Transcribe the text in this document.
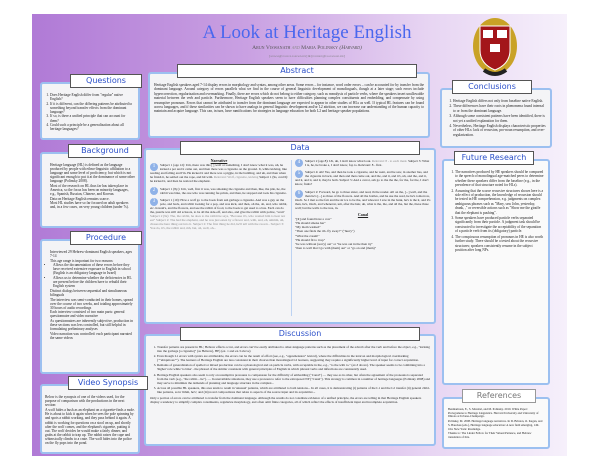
A Look at Heritage English
Arun Viswanath and Maria Polinsky (Harvard)
[aviswan@college.harvard.edu] & [polinsky@fas.harvard.edu]
Abstract

Heritage English speakers aged 7-14 display errors in morphology and syntax, among other areas. Some errors – for instance, word order errors – can be accounted for by transfer from the dominant language. Around category of errors parallels what we find in the course of general linguistic development of monolinguals, though at a later stage; such errors include hypercorrection, regularization and overmarking. Finally, there are errors which do not belong to either category, such as reanalysis of particle verbs, where the speakers insert unallowable material between the verb and particle. Furthermore, Heritage English speakers seem to have difficulties planning complex constituents and embedding, and compensate by using resumptive pronouns. Errors that cannot be attributed to transfer from the dominant language are expected to appear in other studies of HLs as well. If typical HL features can be found across languages, and if these similarities can be shown to have analogs in general linguistic development and/or L2 attrition, we can increase our understanding of the human capacity to maintain and acquire language. This can, in turn, have ramifications for strategies in language education for both L2 and heritage speaker populations.

Questions
1. Does Heritage English differ from "regular" native English?
2. If it is different, can the differing patterns be attributed to something beyond transfer effects from the dominant language?
3. If so, is there a unified principle that can account for them?
4. Could such a principle be a generalization about all heritage languages?
Background
• Heritage language (HL) is defined as the language produced by people with ethno-linguistic affiliation to a language and some level of proficiency, but which is not significant enough to put it at the dominance of some other language (Polinsky 2008).
• Most of the research on HL thus far has taken place in America, so the focus has been on minority languages, e.g., Spanish, Russian, Chinese, and Korean.
• Data on Heritage English remains scarce.
• Most HL studies have so far focused on adult speakers and, in a few cases, on very young children (under 7s).
Procedure
• Interviewed 29 Hebrew-dominant English speakers, ages 7-14
• This age range is important for two reasons:
• Allows the documentation of these errors before they have received extensive exposure to English in school (English is an obligatory language in Israel)
• Allows us to determine whether the deficiencies in HL are present before the children have to rebuild their English system
• Distinct dialogs between sequential and simultaneous bilinguals
• The interview was semi-conducted in their homes, spread over the course of two weeks, and totaling approximately 30 hours of audio recordings
• Each interview consisted of two main parts: general questionnaire and video narrative
• As questionnaires are inherently subjective, production in these sections was less controlled, but still helpful in formulating preliminary analyses
• Video narration was controlled: each participant narrated the same videos
Video Synopsis

Below is the synopsis of one of the videos used, for the purpose of comparison with the productions in the next section:

A wolf hides a bush as an elephant on a cigarette-finds a mole. He is about to kick it again when he sees the pole spinning by and spots a rabbit working, and they pass behind it again. A rabbit is working for questions on a stool on up, and shortly after the wolf comes, and the elephant's cigarette, putting it out. The wolf decides he would make a fairly dinner, and grabs at the rabbit to trap up. The rabbit raises the cape and whimsically climbs to a crate. The wolf hides into the police on the fly pops into the pond.

Data
Narrative
1	Subject 1 (age 12): Um, there was this [ ] wolf or something, I don't know what it was, uh, he kicked a pot and it came out, and then there was a cigarette on the ground. It, while kicking, like reading and falling and I'm. He kicked it and there was a piggie, in the building, and uh, and then when he finish it, he settled out the rope, and hit with. Relevant: Wolf, cigarette, kicking Subject 1 (9s, cont'd): he kicked it, and then he noticed the elephant.
2	Subject 1 (8y.): Um, well, first it was, was smoking the cigarette and then, like, the pile, he, the rabbit was bike, the one who was running far-prints, and then, he stopped and took his cigarette.
3	Subject 1 (10): How a wolf go to the book from ash garbage a cigarette. And was a guy on the pole, and back, and rabbit looking for a pop, and was kick, and then, oh the, oh, and, who rabbit, etc. hawaii's, and the flowers, and see the rabbit of food, to the book to get used to a bus. Each can do the, puzzle was still old scissors, to be all the side-off, and also, and give the rabbit with police, "scan" Subject 2 (9s): The, the rabbit, he does to the rabbit he says, "Because it's, who wanted him to hear not eat" Subject 2: The had the elephant, and he was just eaten by a flower and, with, and, eh, ummm, uh, chases me here thing out into it. Subject 2: The first thing he did, he'll tell with the sword... Subject 3: You do, it's, the rabbit and, mh, but, oh, well, oh...
4	Subject 2 (age 8): Uh, uh, I don't know what look. Relevant: 8 - to each meal. Subject 3: What I is, he, he broke a, I don't know, fop to. Relevant: 8 - first.
5	Subject 4: Ah! Yes, and then he took a cigarette, and he went, and he saw, in another bus, and the cigarette in back, and then and then came out, and the, and it, and it's, uh, and the, and it, and it, and it, and it, they're both. Subject 5: And a carrot, ash go to the the the, for the, for the, I don't know, fruits?
6	Subject 2: Forward, he go to three sister, and read, th the reader. All on the, [...] well, and the then he's [...] as three of the flowers. And all the bottles, and he use the read, he he's tomorrow, Ouch. So I met so the fair and the sir ice to be the, and whoever I saw in the bank, he's is the it, and it's then, he's, Ouch, and whenever, um, after the hair, uh, what is the, the, and all the, but the, these three wall; but the walls to the tree, in.
Canal
"[It] and found have a cow"
"He should smoke her"
"My mom washed"
"Then one finds the rib- fly away?" ("hurry")
"What the cream!"
"He should fit to it up"
"he was without (sorry) out" or "he was out in the then try"
"then to wall that I go with (them) out" or "go on and (them)"
Discussion
1. Transfer patterns are present in HL; Hebrew effects occur, and errors can't be easily attributed to other-language patterns such as the placement of the adverb after the verb and before the object, e.g., "kicking into the garbage [a cigarette]" (as Hebrew), HE) (ex. 1 and ex.3 above)
2. Even though L1 errors with syntax are attributable, the errors can be the result of effort (see, e.g., "apprehension" lexical), where the difficulties in the lexicon and morphological overmarking (""ubiquitous""). The learners of Heritage English are less consistent in their choices than monolingual L2 learners, suggesting they require a significantly higher level of input for correct acquisition.
3. Remains of generalization of spelled or mixed production can be a phonological and on particle verbs, with acceptable in the, e.g., "to the with to." (ex.3 above). The speaker seems to be combining into a 'higher' role while 'to bike' - the phrasal of the similar consistent with general principles of English in which phrasal verbs and inflections are consistently used.
4. Heritage English speakers also seem to rely on resumptive pronouns to compensate for the difficulty of embedding ("Canal") — they use as in other, but often the agreement of the pronouns is separated from the verb (e.g., "the rabbit... he"). — In unavailable situations, they use a pronoun to refer to the extraposed NP ("Canal"). This strategy is common in a number of heritage languages (Polinsky 2008) and may serve to minimize the demands of planning and language structure in the complex...
5. Across all possible HL speakers, this area tends to result in 'unusual' patterns, which are attributed to both tensions... In all cases, it is demonstrating (i) patterns of the L1 and the L2 transfer (ii) general child-like patterns, as in 'mhm, he's', and (iii) novel compositions that relate to aspects of the source input and its acquisitive...

Only a portion of errors can be attributed to transfer from the dominant language. Although the results do not constitute evidence of a unified principle, the errors are telling in that Heritage English speakers display a tendency to simplify complex constituents, regularize morphology, and often omit finite categories, all of which reflect the effects of insufficient input and incomplete acquisition.

Conclusions
1. Heritage English differs not only from baseline native English.
2. These differences have their roots in phenomena found internal to or from the dominant language.
3. Although some consistent patterns have been identified, there is not yet a unified explanation for them.
4. Nevertheless, Heritage English displays characteristic properties of other HLs: lack of recursion, pro-noun resumption, and over-regularization.
Future Research
1. The narratives produced by HE speakers should be compared to the speech of monolingual age-matched peers to determine whether these speakers differ from the baseline (e.g., in the prevalence of that structure noted for HLs).
2. Assuming that the scarce recursive structures shown here is a side effect of production, the knowledge of recursion should be tested in HE comprehension, e.g. judgments on complex ambiguous phrases such as "Mary, saw John, yesterday, drank, ," or reversible actions such as "Show me the giraffe that the elephant is pushing".
3. Some speakers have produced particle verbs separated significantly from their particle. A judgment task should be constructed to investigate the acceptability of the separation of a particle verb from its (obligatory) particle.
4. The conspicuous resumption of pronouns in HE is also worth further study. There should be a tested about the recursive structures; speakers consistently resume in the subject position after long NPs.
References

Benmamoun, E., S. Montrul, and M. Polinsky. 2010. White Paper: Prolegomena to Heritage Linguistics. Harvard University and University of Illinois at Urbana-Champaign.

Polinsky, M. 2008. Heritage language narratives. In D. Brinton, O. Kagan, and S. Bauckus (eds.), Heritage language education: A new field emerging, 149-164. New York: Routledge.

Thanks to: The Linder Fellow for Their Valued Patience, and Hebrew translation of this.
